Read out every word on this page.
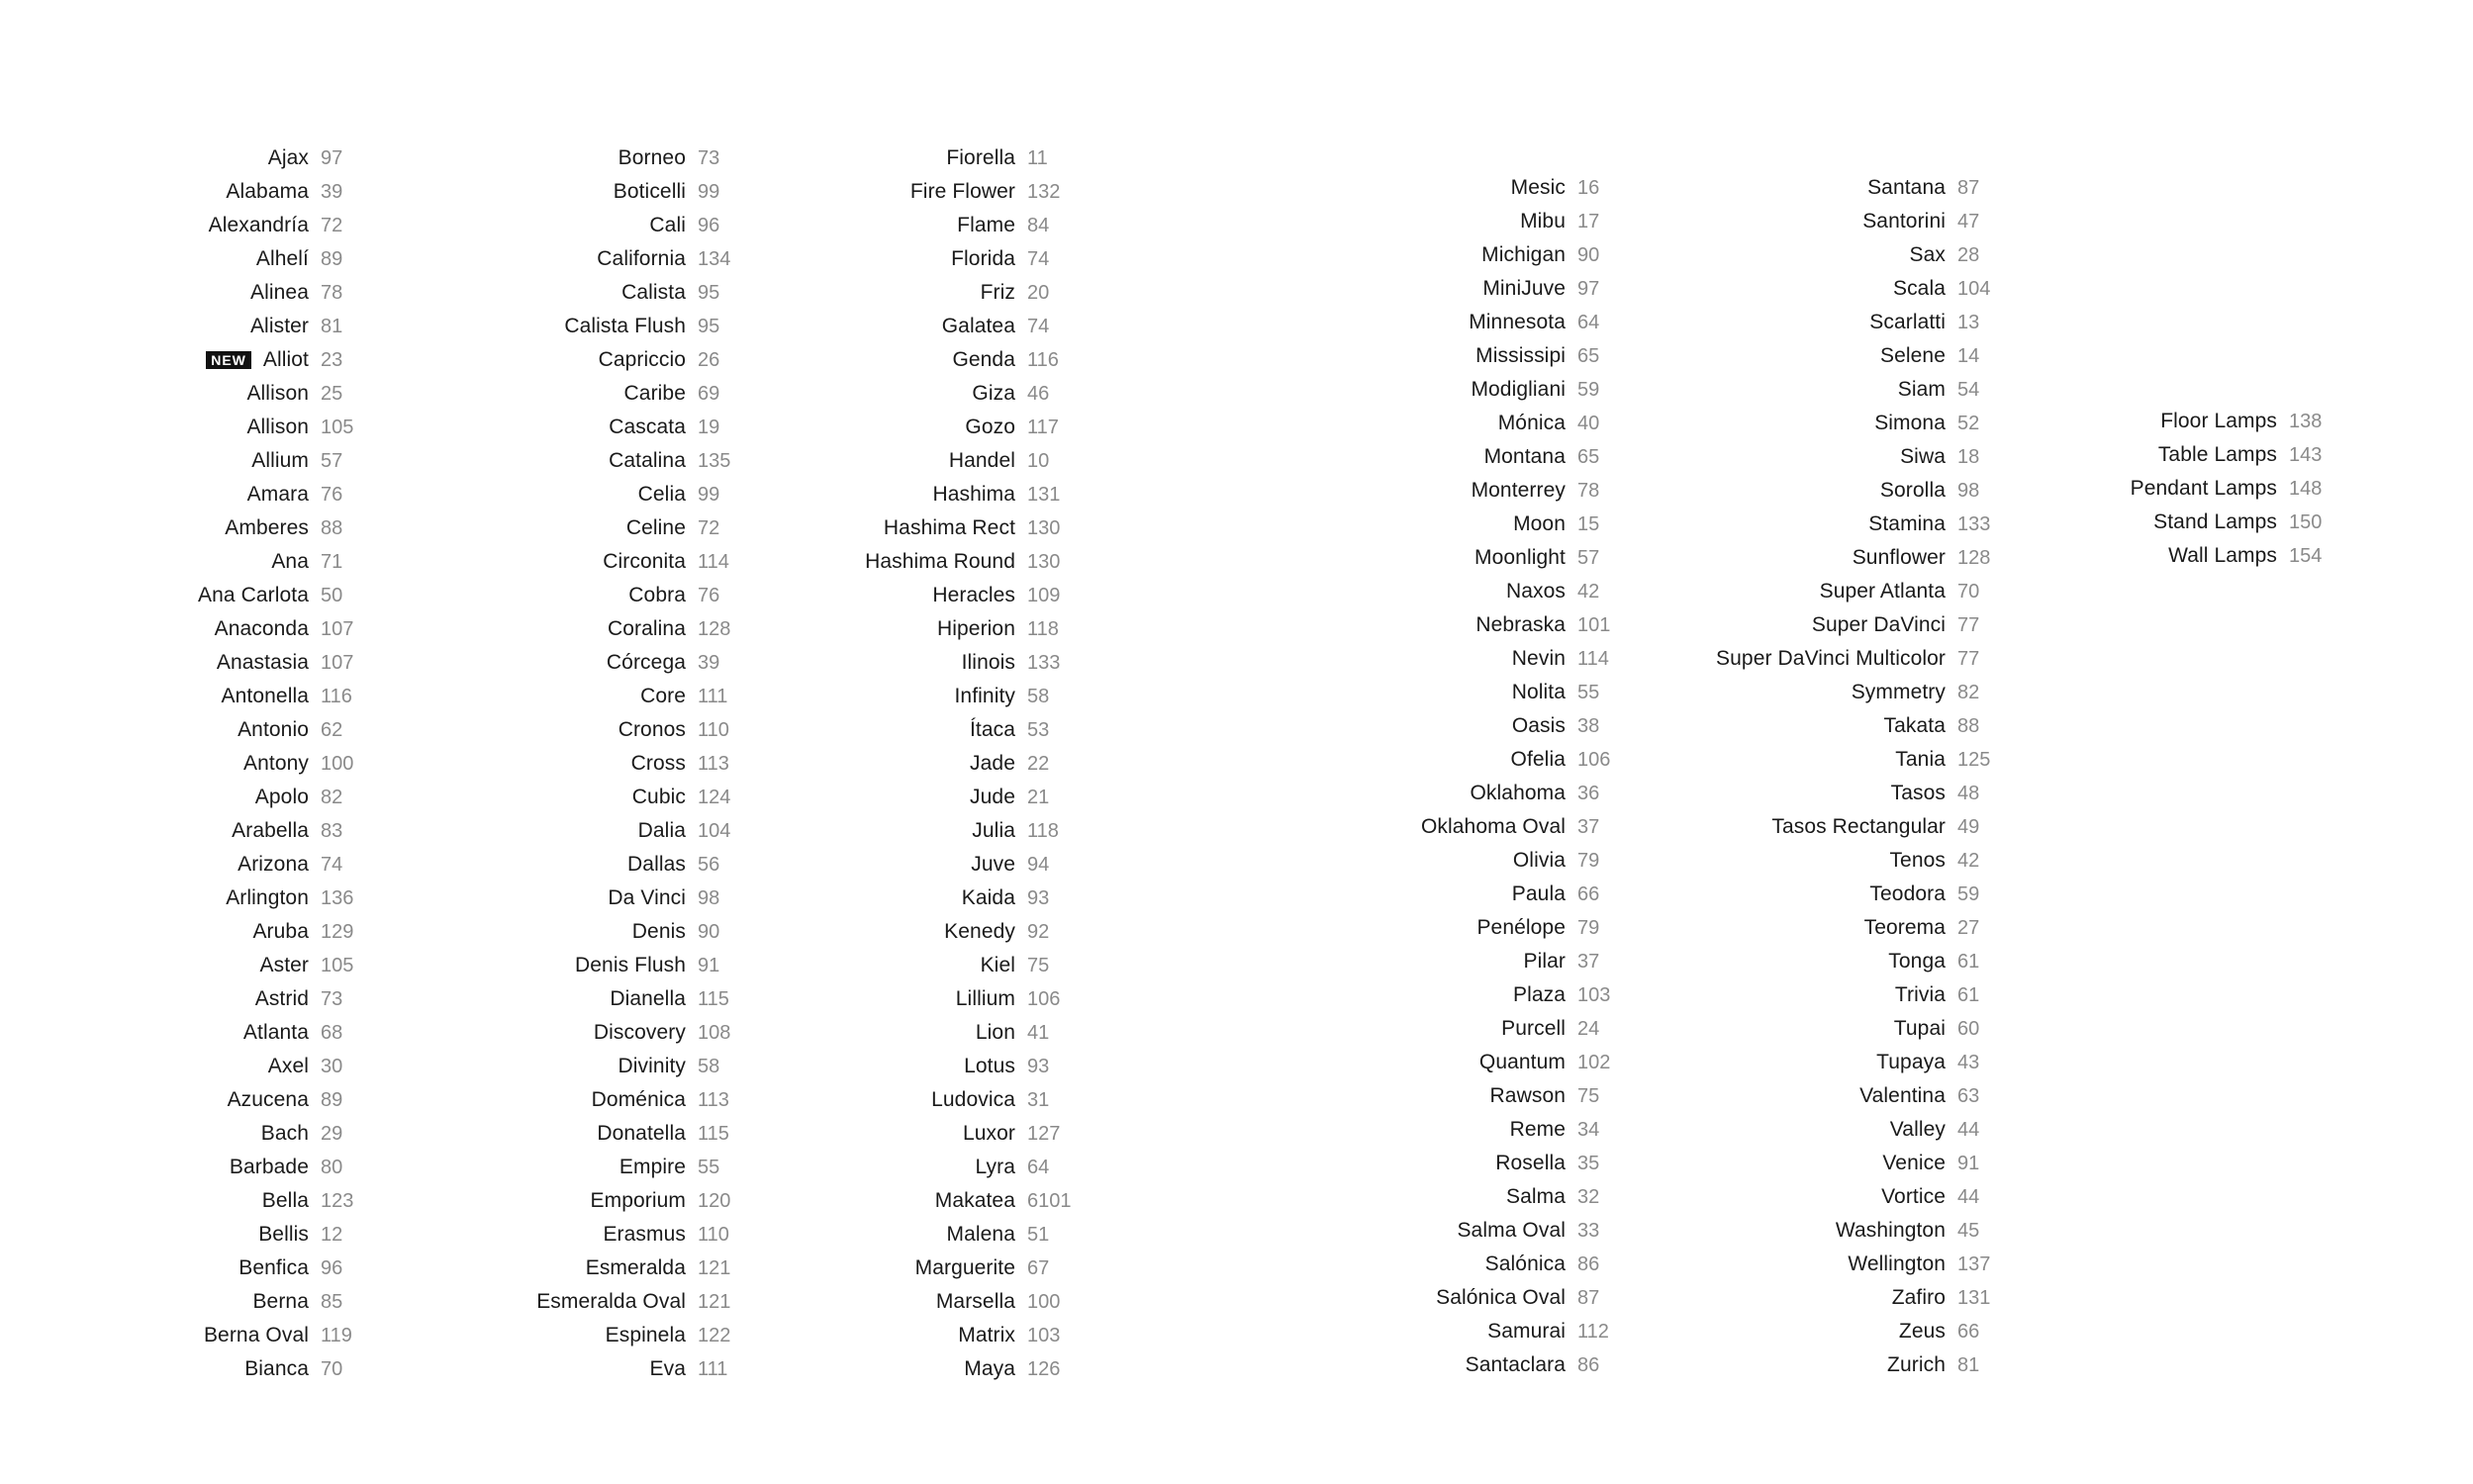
Ajax 97
Alabama 39
Alexandría 72
Alhelí 89
Alinea 78
Alister 81
NEW Alliot 23
Allison 25
Allison 105
Allium 57
Amara 76
Amberes 88
Ana 71
Ana Carlota 50
Anaconda 107
Anastasia 107
Antonella 116
Antonio 62
Antony 100
Apolo 82
Arabella 83
Arizona 74
Arlington 136
Aruba 129
Aster 105
Astrid 73
Atlanta 68
Axel 30
Azucena 89
Bach 29
Barbade 80
Bella 123
Bellis 12
Benfica 96
Berna 85
Berna Oval 119
Bianca 70
Borneo 73
Boticelli 99
Cali 96
California 134
Calista 95
Calista Flush 95
Capriccio 26
Caribe 69
Cascata 19
Catalina 135
Celia 99
Celine 72
Circonita 114
Cobra 76
Coralina 128
Córcega 39
Core 111
Cronos 110
Cross 113
Cubic 124
Dalia 104
Dallas 56
Da Vinci 98
Denis 90
Denis Flush 91
Dianella 115
Discovery 108
Divinity 58
Doménica 113
Donatella 115
Empire 55
Emporium 120
Erasmus 110
Esmeralda 121
Esmeralda Oval 121
Espinela 122
Eva 111
Fiorella 11
Fire Flower 132
Flame 84
Florida 74
Friz 20
Galatea 74
Genda 116
Giza 46
Gozo 117
Handel 10
Hashima 131
Hashima Rect 130
Hashima Round 130
Heracles 109
Hiperion 118
Ilinois 133
Infinity 58
Ítaca 53
Jade 22
Jude 21
Julia 118
Juve 94
Kaida 93
Kenedy 92
Kiel 75
Lillium 106
Lion 41
Lotus 93
Ludovica 31
Luxor 127
Lyra 64
Makatea 6101
Malena 51
Marguerite 67
Marsella 100
Matrix 103
Maya 126
Mesic 16
Mibu 17
Michigan 90
MiniJuve 97
Minnesota 64
Mississipi 65
Modigliani 59
Mónica 40
Montana 65
Monterrey 78
Moon 15
Moonlight 57
Naxos 42
Nebraska 101
Nevin 114
Nolita 55
Oasis 38
Ofelia 106
Oklahoma 36
Oklahoma Oval 37
Olivia 79
Paula 66
Penélope 79
Pilar 37
Plaza 103
Purcell 24
Quantum 102
Rawson 75
Reme 34
Rosella 35
Salma 32
Salma Oval 33
Salónica 86
Salónica Oval 87
Samurai 112
Santaclara 86
Santana 87
Santorini 47
Sax 28
Scala 104
Scarlatti 13
Selene 14
Siam 54
Simona 52
Siwa 18
Sorolla 98
Stamina 133
Sunflower 128
Super Atlanta 70
Super DaVinci 77
Super DaVinci Multicolor 77
Symmetry 82
Takata 88
Tania 125
Tasos 48
Tasos Rectangular 49
Tenos 42
Teodora 59
Teorema 27
Tonga 61
Trivia 61
Tupai 60
Tupaya 43
Valentina 63
Valley 44
Venice 91
Vortice 44
Washington 45
Wellington 137
Zafiro 131
Zeus 66
Zurich 81
Floor Lamps 138
Table Lamps 143
Pendant Lamps 148
Stand Lamps 150
Wall Lamps 154
